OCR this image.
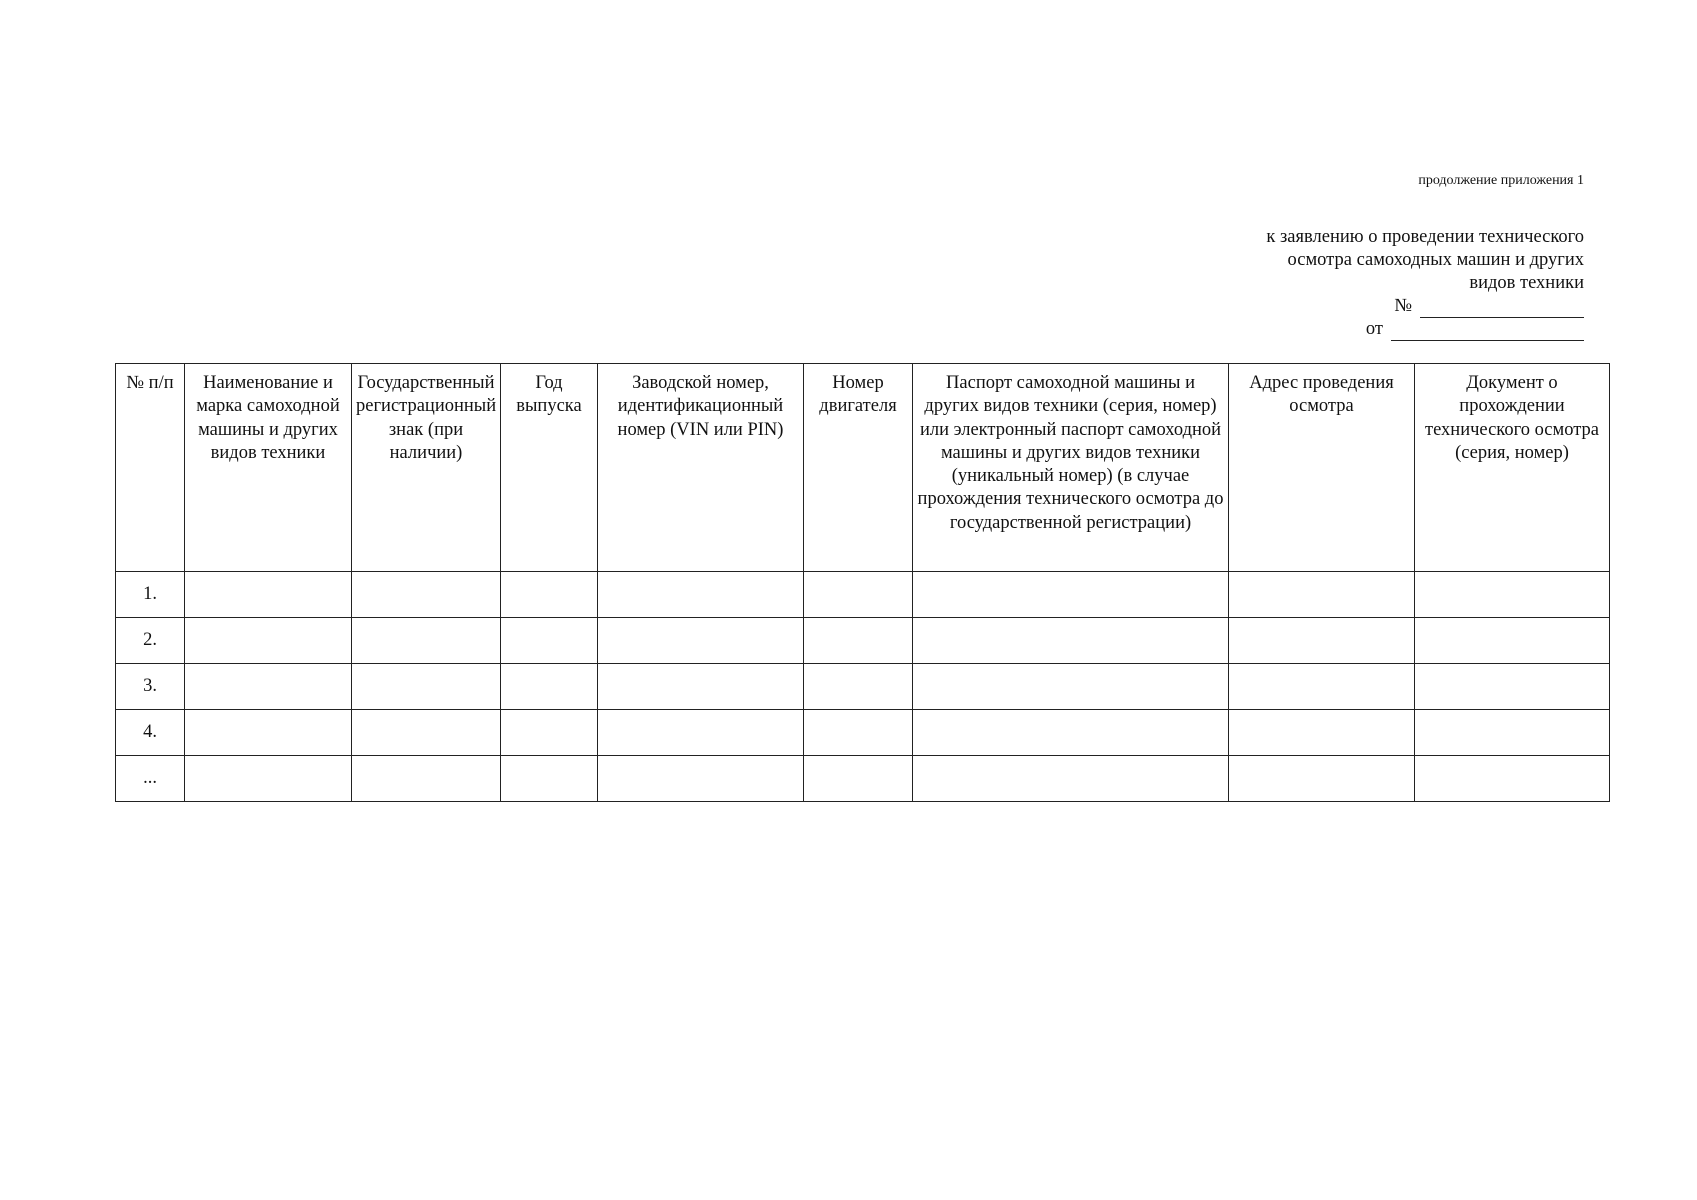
продолжение приложения 1
к заявлению о проведении технического
осмотра самоходных машин и других
видов техники
№
от
№ п/п	Наименование и марка самоходной машины и других видов техники	Государственный регистрационный знак (при наличии)	Год выпуска	Заводской номер, идентификационный номер (VIN или PIN)	Номер двигателя	Паспорт самоходной машины и других видов техники (серия, номер) или электронный паспорт самоходной машины и других видов техники (уникальный номер) (в случае прохождения технического осмотра до государственной регистрации)	Адрес проведения осмотра	Документ о прохождении технического осмотра (серия, номер)
1.								
2.								
3.								
4.								
...								
